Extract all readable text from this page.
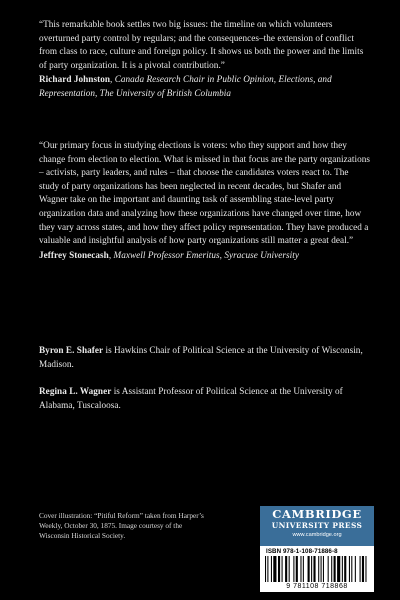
“This remarkable book settles two big issues: the timeline on which volunteers overturned party control by regulars; and the consequences–the extension of conflict from class to race, culture and foreign policy. It shows us both the power and the limits of party organization. It is a pivotal contribution.”

Richard Johnston, Canada Research Chair in Public Opinion, Elections, and Representation, The University of British Columbia

“Our primary focus in studying elections is voters: who they support and how they change from election to election. What is missed in that focus are the party organizations – activists, party leaders, and rules – that choose the candidates voters react to. The study of party organizations has been neglected in recent decades, but Shafer and Wagner take on the important and daunting task of assembling state-level party organization data and analyzing how these organizations have changed over time, how they vary across states, and how they affect policy representation. They have produced a valuable and insightful analysis of how party organizations still matter a great deal.”

Jeffrey Stonecash, Maxwell Professor Emeritus, Syracuse University

Byron E. Shafer is Hawkins Chair of Political Science at the University of Wisconsin, Madison.

Regina L. Wagner is Assistant Professor of Political Science at the University of Alabama, Tuscaloosa.

Cover illustration: “Pitiful Reform” taken from Harper’s Weekly, October 30, 1875. Image courtesy of the Wisconsin Historical Society.
CAMBRIDGE
UNIVERSITY PRESS
www.cambridge.org
ISBN 978-1-108-71886-8
9 781108 718868
